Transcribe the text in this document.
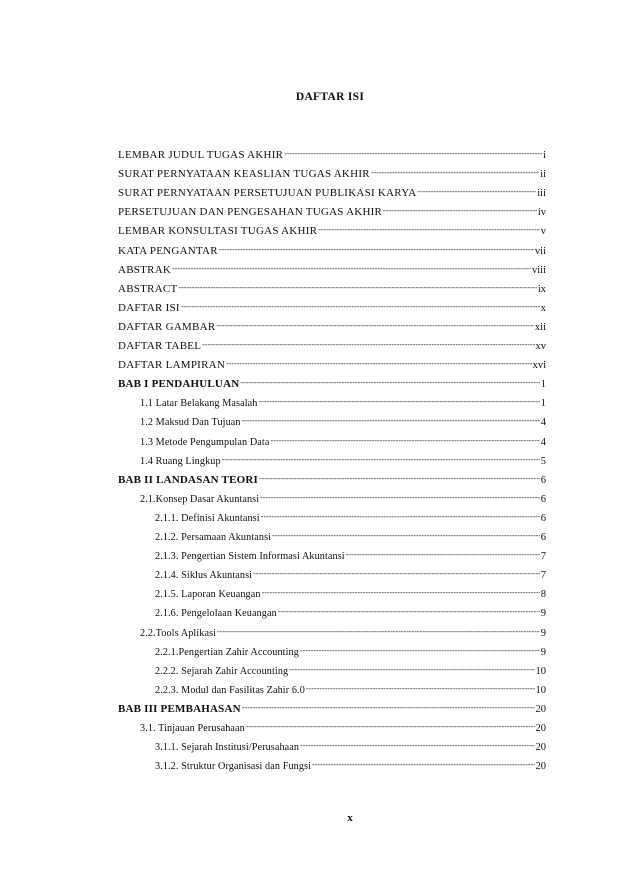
DAFTAR ISI
LEMBAR JUDUL TUGAS AKHIR -----	i
SURAT PERNYATAAN KEASLIAN TUGAS AKHIR -----	ii
SURAT PERNYATAAN PERSETUJUAN PUBLIKASI KARYA -----	iii
PERSETUJUAN DAN PENGESAHAN TUGAS AKHIR -----	iv
LEMBAR KONSULTASI TUGAS AKHIR -----	v
KATA PENGANTAR -----	vii
ABSTRAK -----	viii
ABSTRACT -----	ix
DAFTAR ISI -----	x
DAFTAR GAMBAR -----	xii
DAFTAR TABEL -----	xv
DAFTAR LAMPIRAN -----	xvi
BAB I PENDAHULUAN -----	1
1.1 Latar Belakang Masalah -----	1
1.2 Maksud Dan Tujuan -----	4
1.3 Metode Pengumpulan Data -----	4
1.4 Ruang Lingkup -----	5
BAB II LANDASAN TEORI -----	6
2.1.Konsep Dasar Akuntansi -----	6
2.1.1. Definisi Akuntansi -----	6
2.1.2. Persamaan Akuntansi -----	6
2.1.3. Pengertian Sistem Informasi Akuntansi -----	7
2.1.4. Siklus Akuntansi -----	7
2.1.5. Laporan Keuangan -----	8
2.1.6. Pengelolaan Keuangan -----	9
2.2.Tools Aplikasi -----	9
2.2.1.Pengertian Zahir Accounting -----	9
2.2.2. Sejarah Zahir Accounting -----	10
2.2.3. Modul dan Fasilitas Zahir 6.0 -----	10
BAB III PEMBAHASAN -----	20
3.1. Tinjauan Perusahaan -----	20
3.1.1. Sejarah Institusi/Perusahaan -----	20
3.1.2. Struktur Organisasi dan Fungsi -----	20
x
